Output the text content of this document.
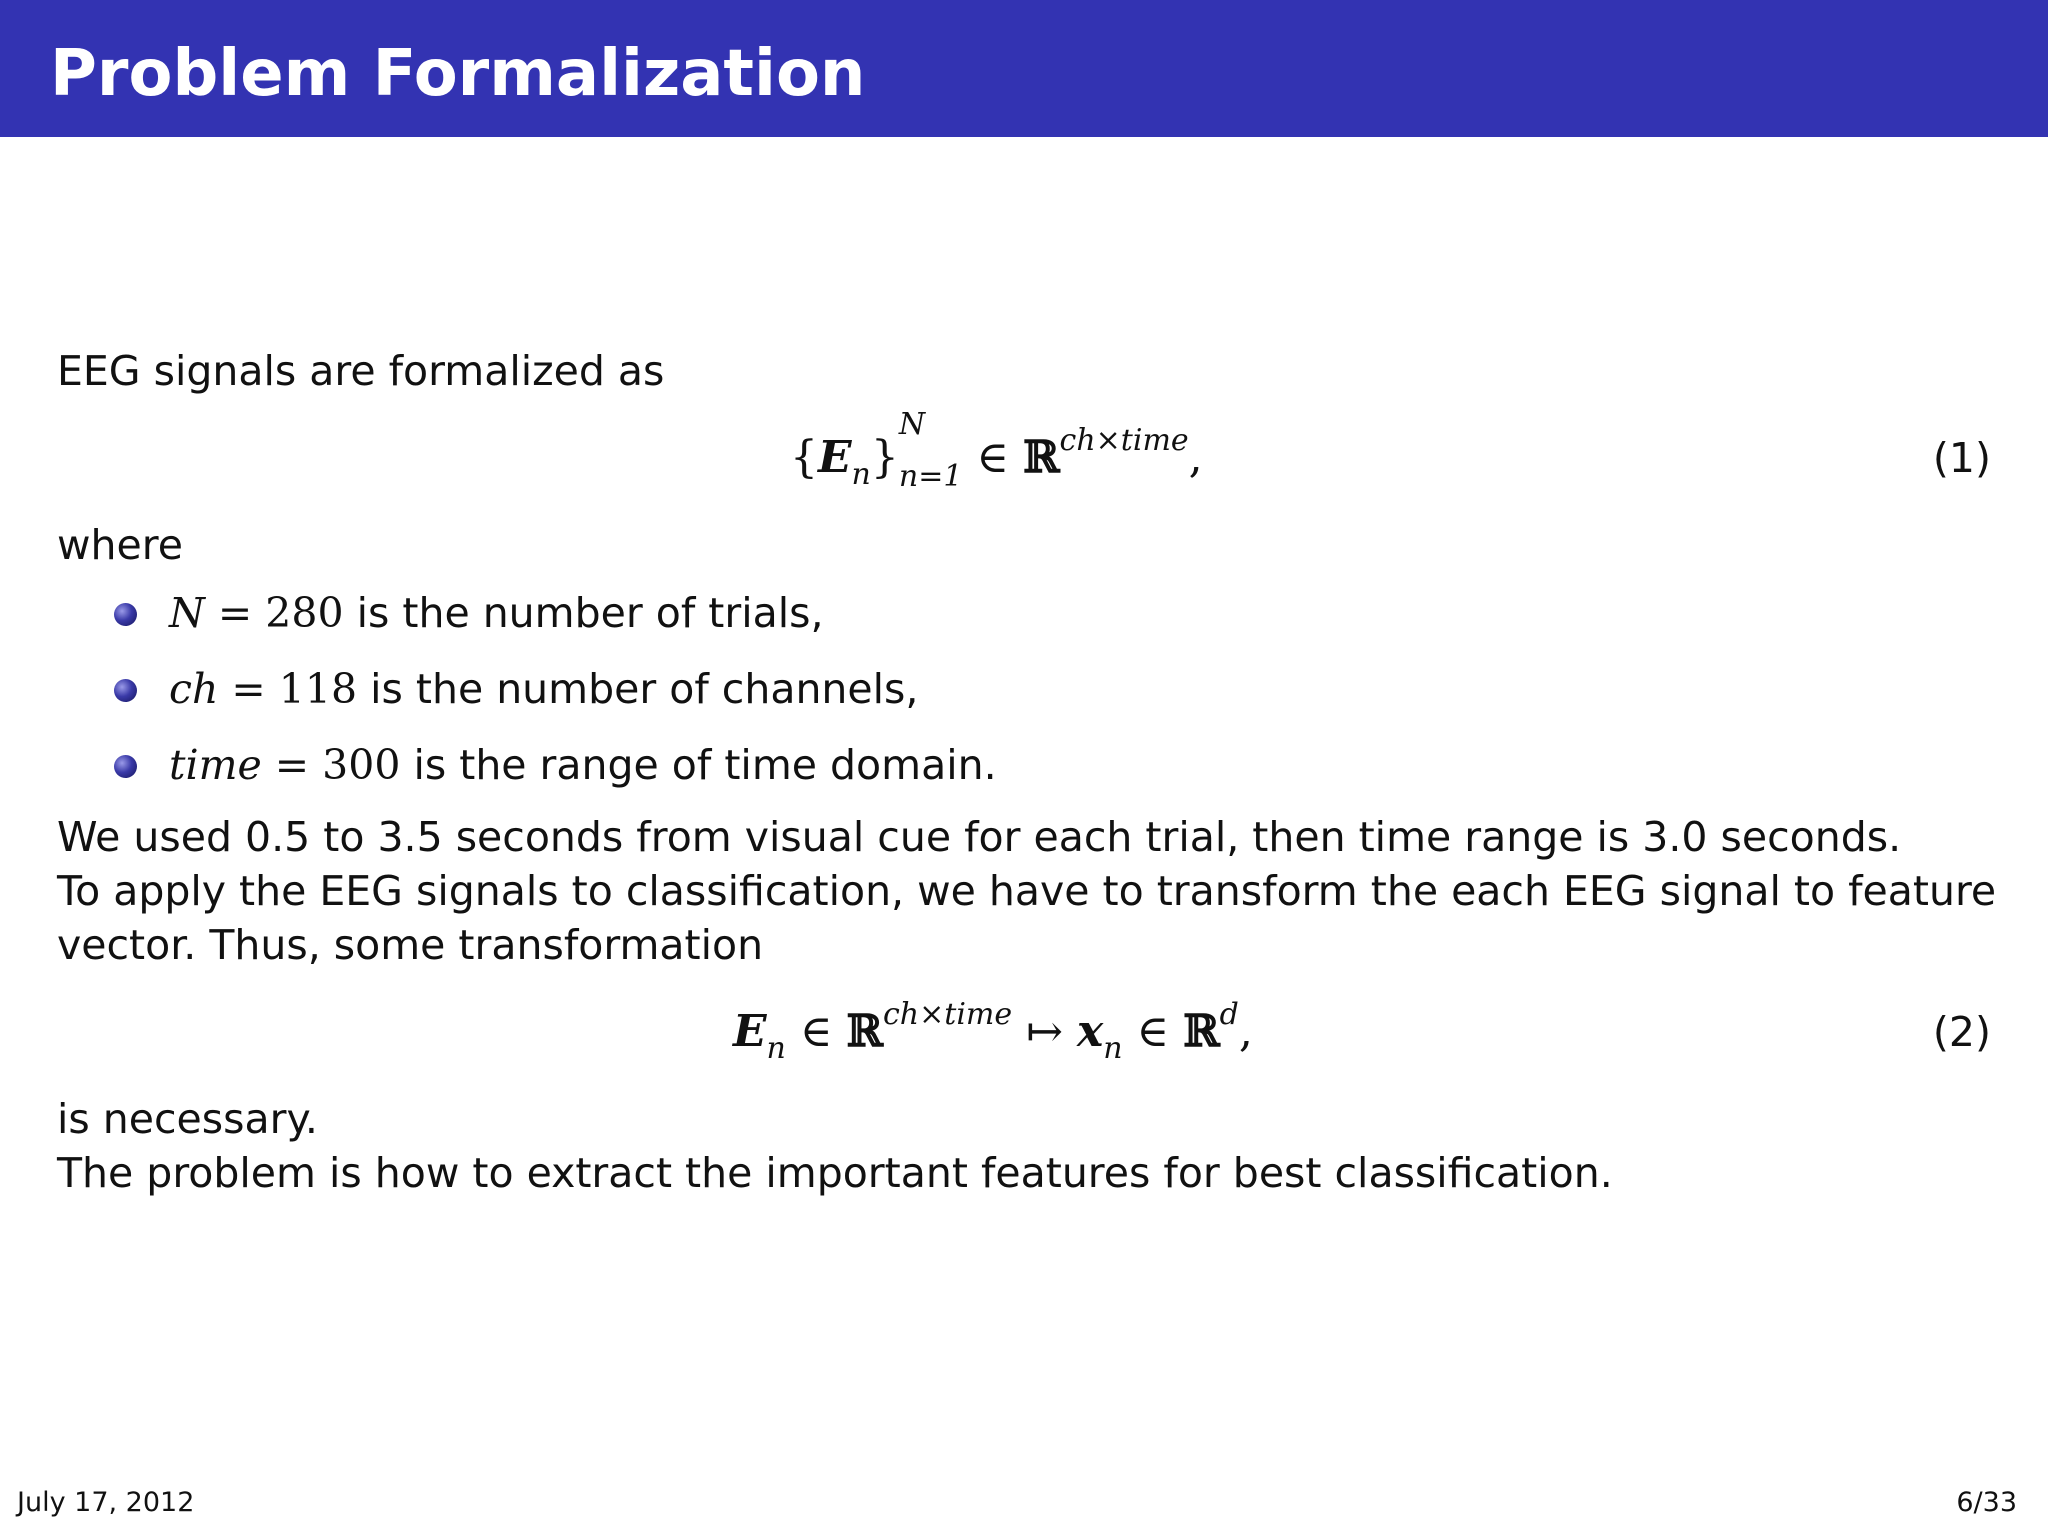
Problem Formalization
EEG signals are formalized as
$\{E_n\}$
N
n=1 ∈ ℝ$^{ch\times time}$,	(1)
where
N = 280 is the number of trials,
ch = 118 is the number of channels,
time = 300 is the range of time domain.
We used 0.5 to 3.5 seconds from visual cue for each trial, then time range is 3.0 seconds.
To apply the EEG signals to classification, we have to transform the each EEG signal to feature
vector. Thus, some transformation
$E_n$ ∈ ℝ$^{ch\times time}$ ↦ $x_n$ ∈ ℝ$^d$,	(2)
is necessary.
The problem is how to extract the important features for best classification.
July 17, 2012	6/33
